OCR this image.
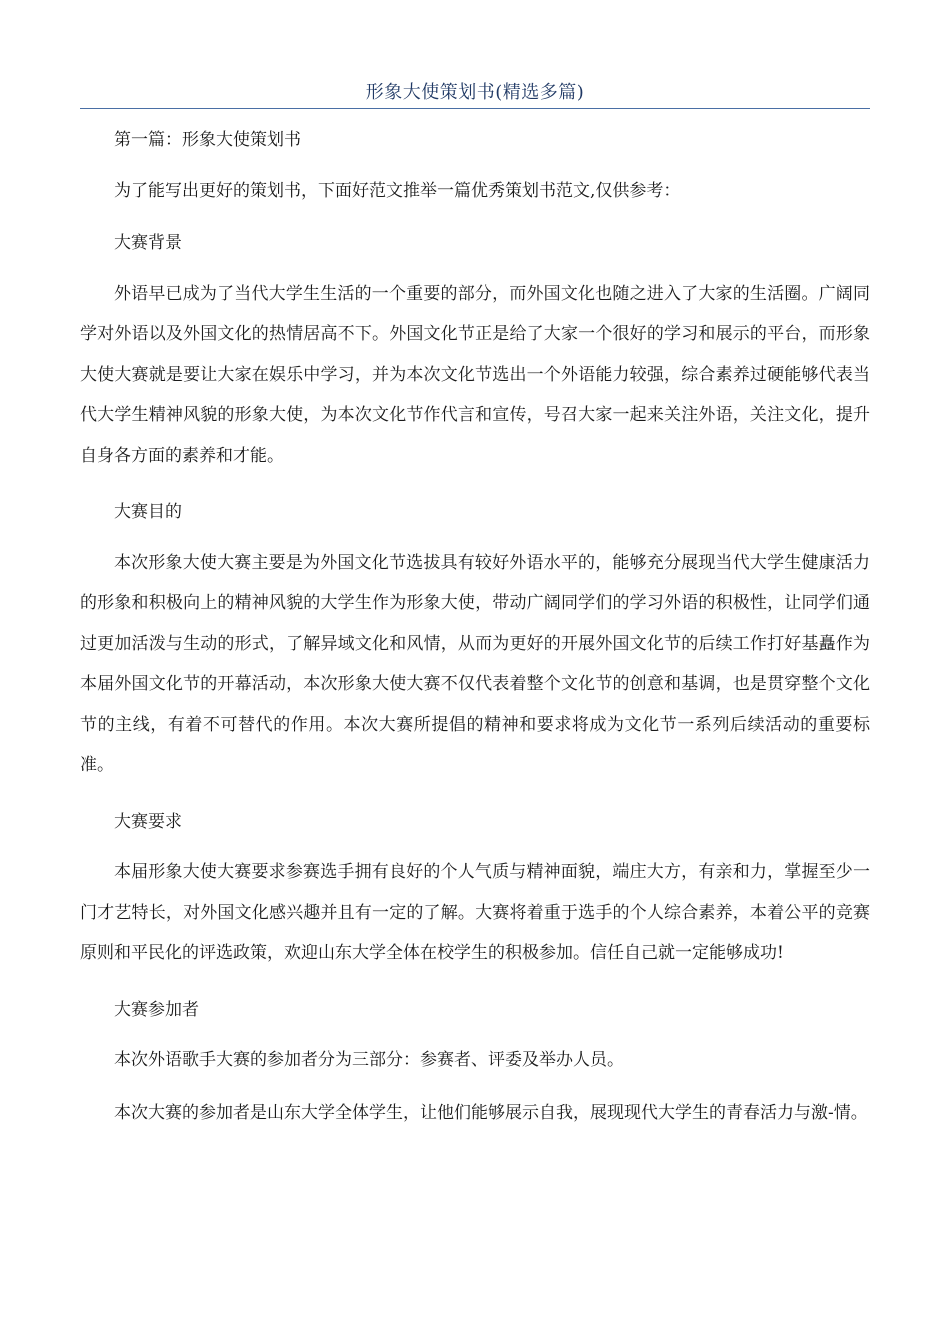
形象大使策划书(精选多篇)

第一篇：形象大使策划书

为了能写出更好的策划书，下面好范文推举一篇优秀策划书范文,仅供参考：

大赛背景

外语早已成为了当代大学生生活的一个重要的部分，而外国文化也随之进入了大家的生活圈。广阔同学对外语以及外国文化的热情居高不下。外国文化节正是给了大家一个很好的学习和展示的平台，而形象大使大赛就是要让大家在娱乐中学习，并为本次文化节选出一个外语能力较强，综合素养过硬能够代表当代大学生精神风貌的形象大使，为本次文化节作代言和宣传，号召大家一起来关注外语，关注文化，提升自身各方面的素养和才能。

大赛目的

本次形象大使大赛主要是为外国文化节选拔具有较好外语水平的，能够充分展现当代大学生健康活力的形象和积极向上的精神风貌的大学生作为形象大使，带动广阔同学们的学习外语的积极性，让同学们通过更加活泼与生动的形式，了解异域文化和风情，从而为更好的开展外国文化节的后续工作打好基矗作为本届外国文化节的开幕活动，本次形象大使大赛不仅代表着整个文化节的创意和基调，也是贯穿整个文化节的主线，有着不可替代的作用。本次大赛所提倡的精神和要求将成为文化节一系列后续活动的重要标准。

大赛要求

本届形象大使大赛要求参赛选手拥有良好的个人气质与精神面貌，端庄大方，有亲和力，掌握至少一门才艺特长，对外国文化感兴趣并且有一定的了解。大赛将着重于选手的个人综合素养，本着公平的竞赛原则和平民化的评选政策，欢迎山东大学全体在校学生的积极参加。信任自己就一定能够成功!

大赛参加者

本次外语歌手大赛的参加者分为三部分：参赛者、评委及举办人员。

本次大赛的参加者是山东大学全体学生，让他们能够展示自我，展现现代大学生的青春活力与激-情。
